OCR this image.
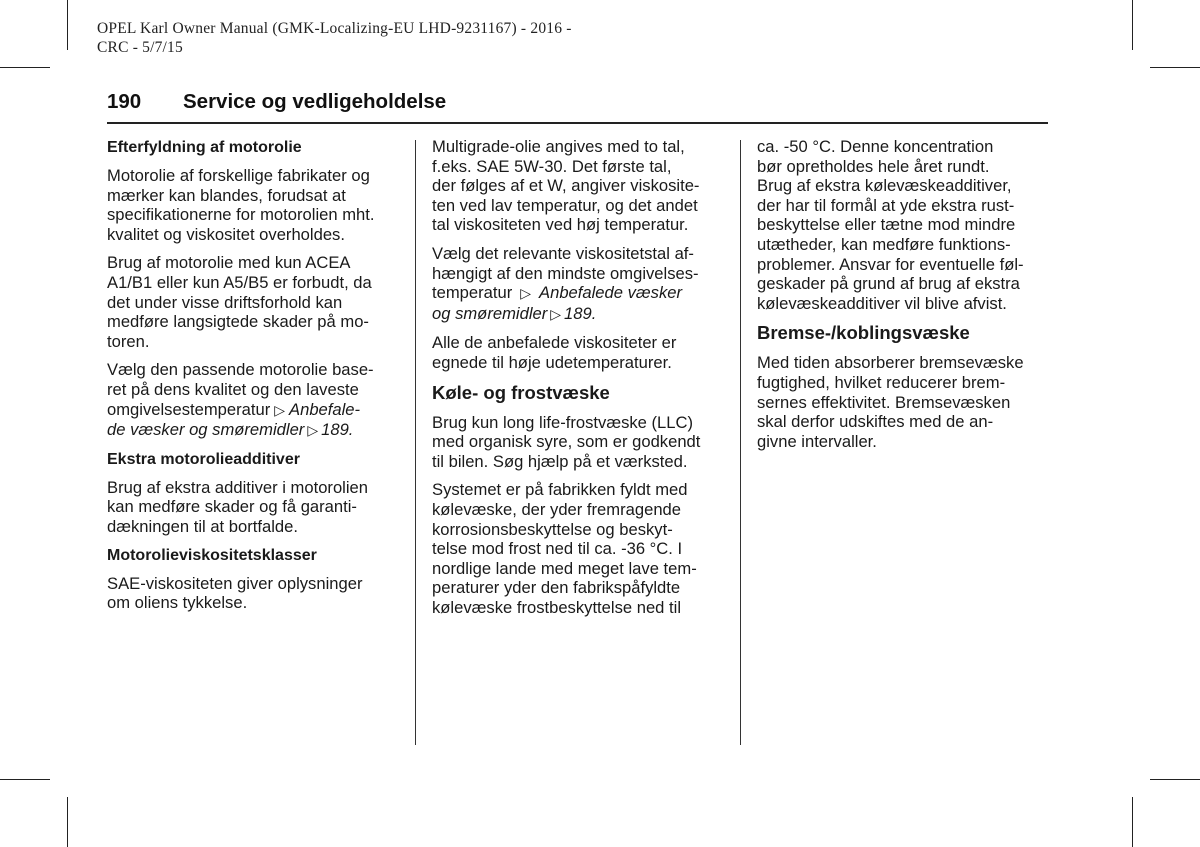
OPEL Karl Owner Manual (GMK-Localizing-EU LHD-9231167) - 2016 -
CRC - 5/7/15
190 Service og vedligeholdelse
Efterfyldning af motorolie

Motorolie af forskellige fabrikater og
mærker kan blandes, forudsat at
specifikationerne for motorolien mht.
kvalitet og viskositet overholdes.

Brug af motorolie med kun ACEA
A1/B1 eller kun A5/B5 er forbudt, da
det under visse driftsforhold kan
medføre langsigtede skader på mo-
toren.

Vælg den passende motorolie base-
ret på dens kvalitet og den laveste
omgivelsestemperatur ▷ Anbefale-
de væsker og smøremidler ▷ 189.

Ekstra motorolieadditiver

Brug af ekstra additiver i motorolien
kan medføre skader og få garanti-
dækningen til at bortfalde.

Motorolieviskositetsklasser

SAE-viskositeten giver oplysninger
om oliens tykkelse.

Multigrade-olie angives med to tal,
f.eks. SAE 5W-30. Det første tal,
der følges af et W, angiver viskosite-
ten ved lav temperatur, og det andet
tal viskositeten ved høj temperatur.

Vælg det relevante viskositetstal af-
hængigt af den mindste omgivelses-
temperatur ▷ Anbefalede væsker
og smøremidler ▷ 189.

Alle de anbefalede viskositeter er
egnede til høje udetemperaturer.

Køle- og frostvæske

Brug kun long life-frostvæske (LLC)
med organisk syre, som er godkendt
til bilen. Søg hjælp på et værksted.

Systemet er på fabrikken fyldt med
kølevæske, der yder fremragende
korrosionsbeskyttelse og beskyt-
telse mod frost ned til ca. -36 °C. I
nordlige lande med meget lave tem-
peraturer yder den fabrikspåfyldte
kølevæske frostbeskyttelse ned til

ca. -50 °C. Denne koncentration
bør opretholdes hele året rundt.
Brug af ekstra kølevæskeadditiver,
der har til formål at yde ekstra rust-
beskyttelse eller tætne mod mindre
utætheder, kan medføre funktions-
problemer. Ansvar for eventuelle føl-
geskader på grund af brug af ekstra
kølevæskeadditiver vil blive afvist.

Bremse-/koblingsvæske

Med tiden absorberer bremsevæske
fugtighed, hvilket reducerer brem-
sernes effektivitet. Bremsevæsken
skal derfor udskiftes med de an-
givne intervaller.
